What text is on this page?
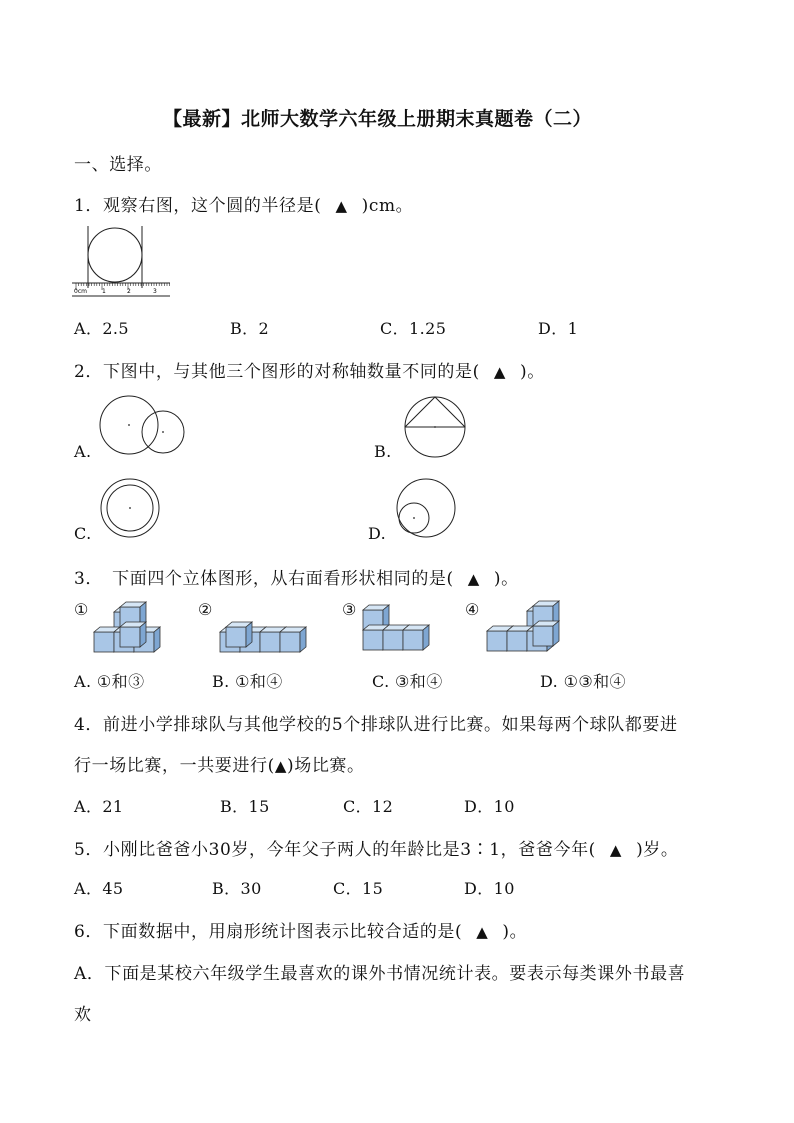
【最新】北师大数学六年级上册期末真题卷（二）
一、选择。
1．观察右图，这个圆的半径是( ▲ )cm。
0cm	1	2	3
A．2.5	B．2	C．1.25	D．1
2．下图中，与其他三个图形的对称轴数量不同的是( ▲ )。
A.	B.
C.	D.
3．　下面四个立体图形，从右面看形状相同的是( ▲ )。
①	②	③	④
A. ①和③	B. ①和④	C. ③和④	D. ①③和④
4．前进小学排球队与其他学校的5个排球队进行比赛。如果每两个球队都要进
行一场比赛，一共要进行(▲)场比赛。
A．21	B．15	C．12	D．10
5．小刚比爸爸小30岁，今年父子两人的年龄比是3∶1，爸爸今年( ▲ )岁。
A．45	B．30	C．15	D．10
6．下面数据中，用扇形统计图表示比较合适的是( ▲ )。
A．下面是某校六年级学生最喜欢的课外书情况统计表。要表示每类课外书最喜
欢
